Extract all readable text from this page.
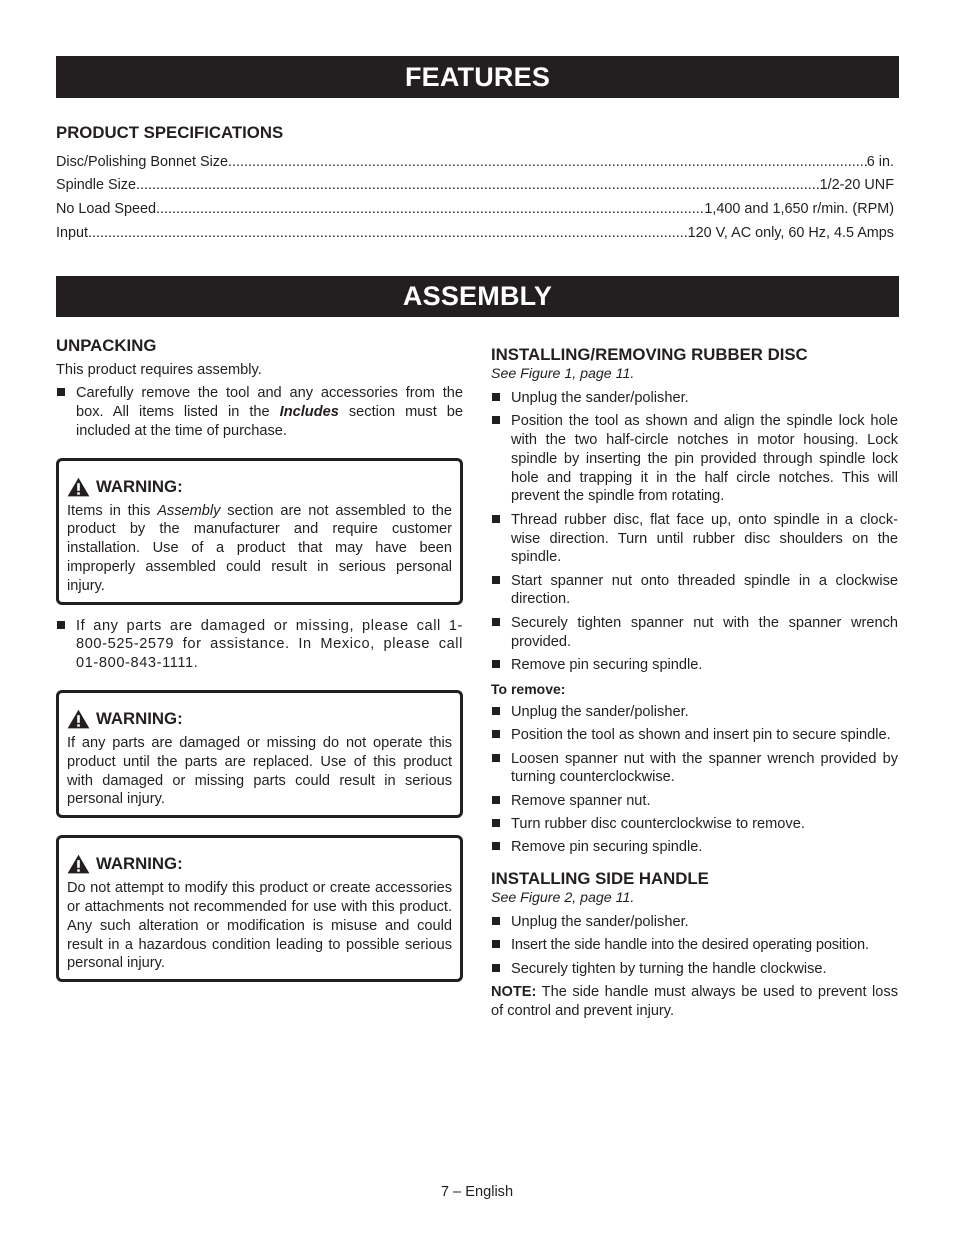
FEATURES
PRODUCT SPECIFICATIONS
Disc/Polishing Bonnet Size .....	6 in.
Spindle Size .....	1/2-20 UNF
No Load Speed .....	1,400 and 1,650 r/min. (RPM)
Input .....	120 V, AC only, 60 Hz, 4.5 Amps
ASSEMBLY
UNPACKING

This product requires assembly.

Carefully remove the tool and any accessories from the box. All items listed in the Includes section must be included at the time of purchase.
WARNING:

Items in this Assembly section are not assembled to the product by the manufacturer and require customer installation. Use of a product that may have been improperly assembled could result in serious personal injury.

If any parts are damaged or missing, please call 1-800-525-2579 for assistance. In Mexico, please call 01-800-843-1111.
WARNING:

If any parts are damaged or missing do not operate this product until the parts are replaced. Use of this product with damaged or missing parts could result in serious personal injury.

WARNING:

Do not attempt to modify this product or create accessories or attachments not recommended for use with this product. Any such alteration or modification is misuse and could result in a hazardous condition leading to possible serious personal injury.

INSTALLING/REMOVING RUBBER DISC

See Figure 1, page 11.

Unplug the sander/polisher.
Position the tool as shown and align the spindle lock hole with the two half-circle notches in motor housing. Lock spindle by inserting the pin provided through spindle lock hole and trapping it in the half circle notches. This will prevent the spindle from rotating.
Thread rubber disc, flat face up, onto spindle in a clock-wise direction. Turn until rubber disc shoulders on the spindle.
Start spanner nut onto threaded spindle in a clockwise direction.
Securely tighten spanner nut with the spanner wrench provided.
Remove pin securing spindle.

To remove:

Unplug the sander/polisher.
Position the tool as shown and insert pin to secure spindle.
Loosen spanner nut with the spanner wrench provided by turning counterclockwise.
Remove spanner nut.
Turn rubber disc counterclockwise to remove.
Remove pin securing spindle.
INSTALLING SIDE HANDLE

See Figure 2, page 11.

Unplug the sander/polisher.
Insert the side handle into the desired operating position.
Securely tighten by turning the handle clockwise.

NOTE: The side handle must always be used to prevent loss of control and prevent injury.

7 – English
